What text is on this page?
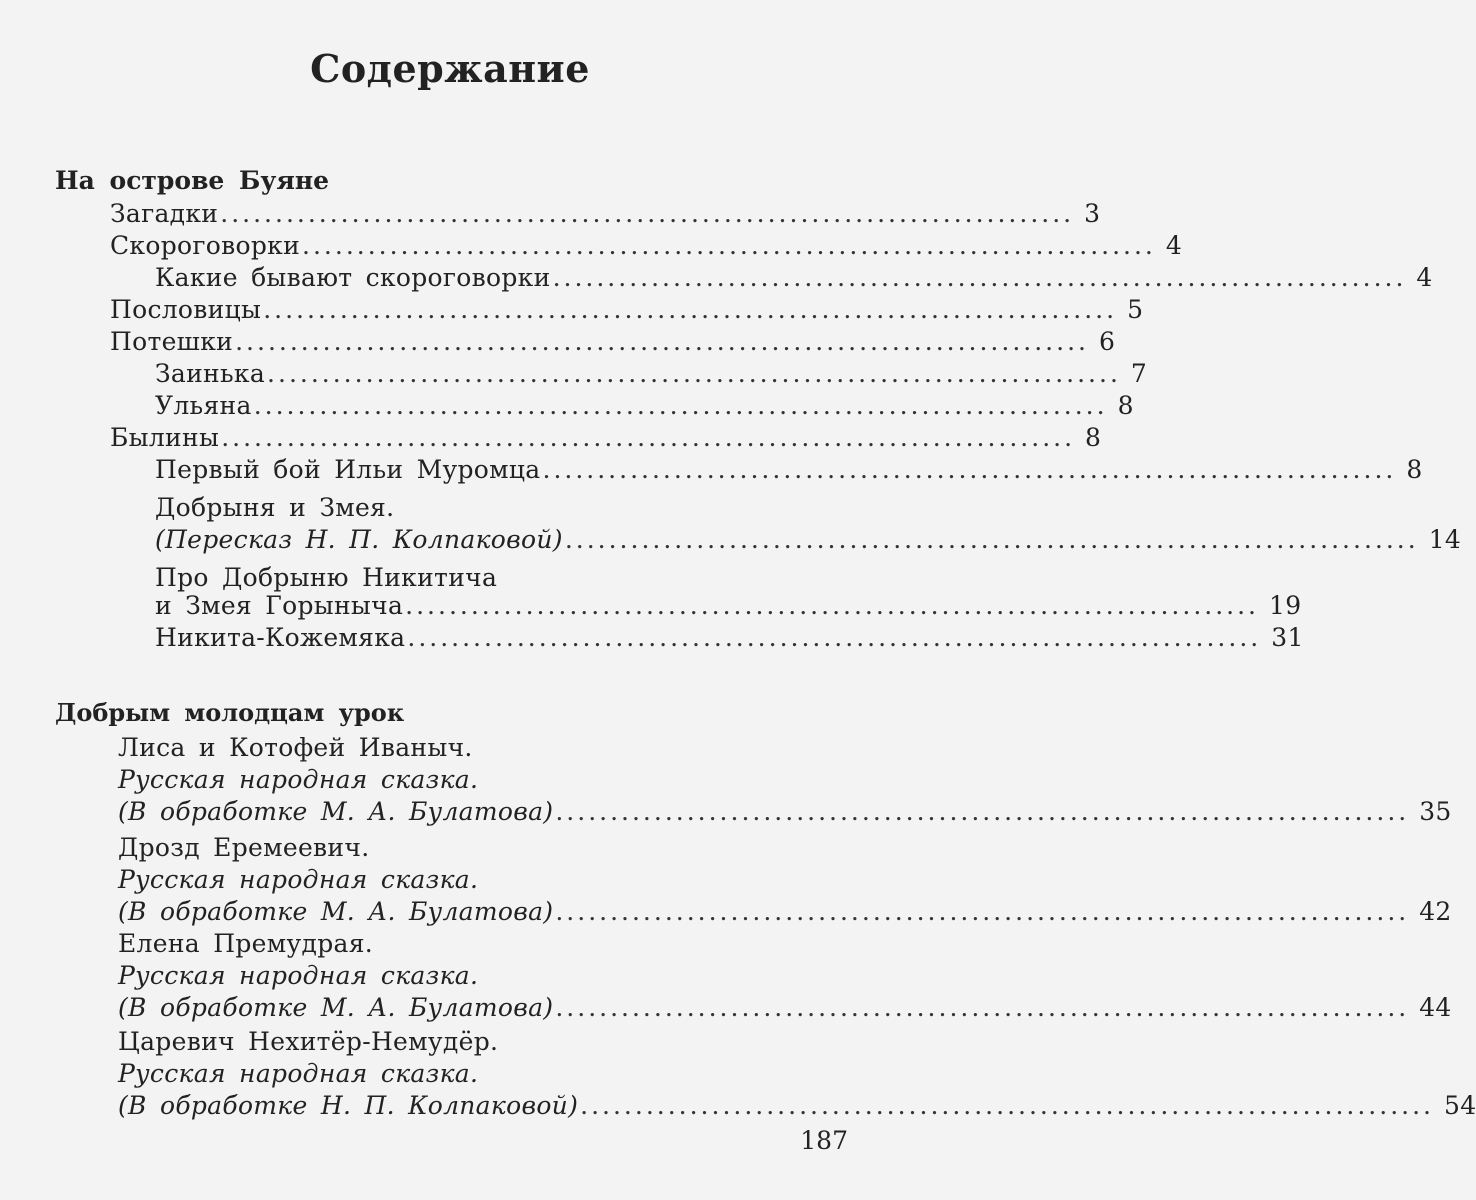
Содержание
На острове Буяне
Загадки .............................................................................. 3
Скороговорки .............................................................................. 4
Какие бывают скороговорки .............................................................................. 4
Пословицы .............................................................................. 5
Потешки .............................................................................. 6
Заинька .............................................................................. 7
Ульяна .............................................................................. 8
Былины .............................................................................. 8
Первый бой Ильи Муромца .............................................................................. 8
Добрыня и Змея.
(Пересказ Н. П. Колпаковой) .............................................................................. 14
Про Добрыню Никитича
и Змея Горыныча .............................................................................. 19
Никита-Кожемяка .............................................................................. 31
Добрым молодцам урок
Лиса и Котофей Иваныч.
Русская народная сказка.
(В обработке М. А. Булатова) .............................................................................. 35
Дрозд Еремеевич.
Русская народная сказка.
(В обработке М. А. Булатова) .............................................................................. 42
Елена Премудрая.
Русская народная сказка.
(В обработке М. А. Булатова) .............................................................................. 44
Царевич Нехитёр-Немудёр.
Русская народная сказка.
(В обработке Н. П. Колпаковой) .............................................................................. 54
187
